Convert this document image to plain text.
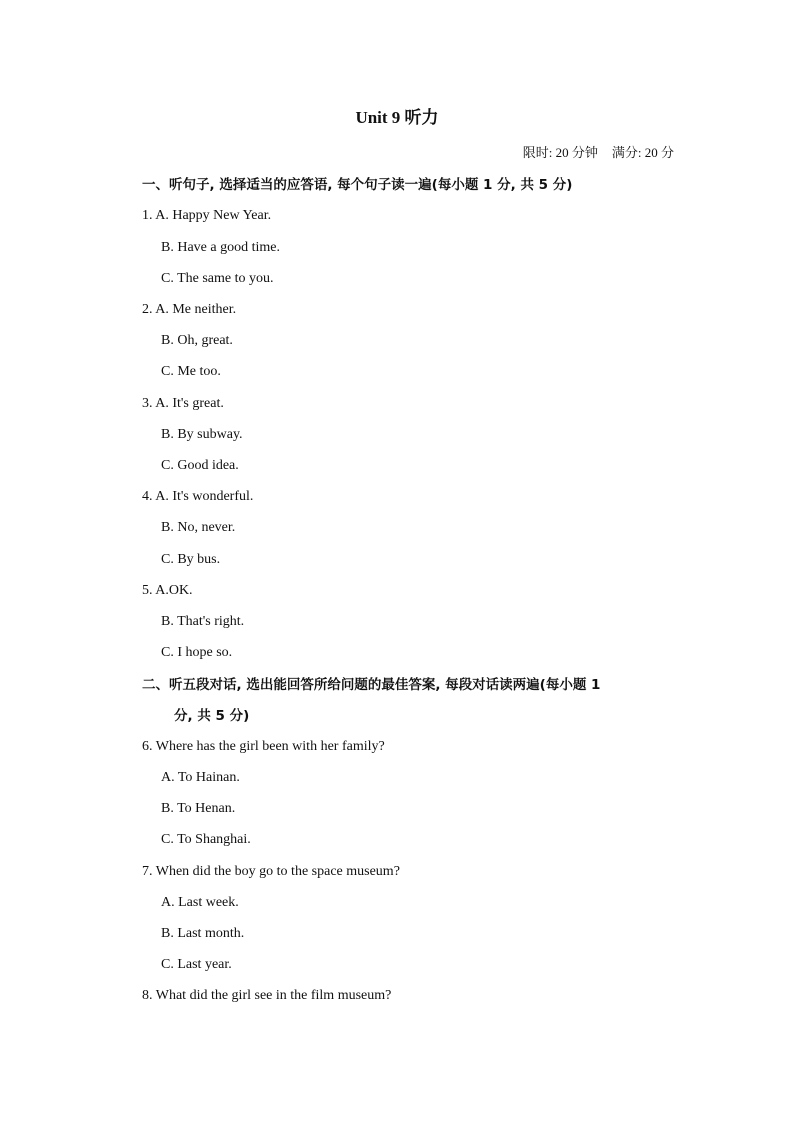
Unit 9 听力
限时: 20 分钟 满分: 20 分
一、听句子, 选择适当的应答语, 每个句子读一遍(每小题 1 分, 共 5 分)
1. A. Happy New Year.
B. Have a good time.
C. The same to you.
2. A. Me neither.
B. Oh, great.
C. Me too.
3. A. It's great.
B. By subway.
C. Good idea.
4. A. It's wonderful.
B. No, never.
C. By bus.
5. A.OK.
B. That's right.
C. I hope so.
二、听五段对话, 选出能回答所给问题的最佳答案, 每段对话读两遍(每小题 1
分, 共 5 分)
6. Where has the girl been with her family?
A. To Hainan.
B. To Henan.
C. To Shanghai.
7. When did the boy go to the space museum?
A. Last week.
B. Last month.
C. Last year.
8. What did the girl see in the film museum?
